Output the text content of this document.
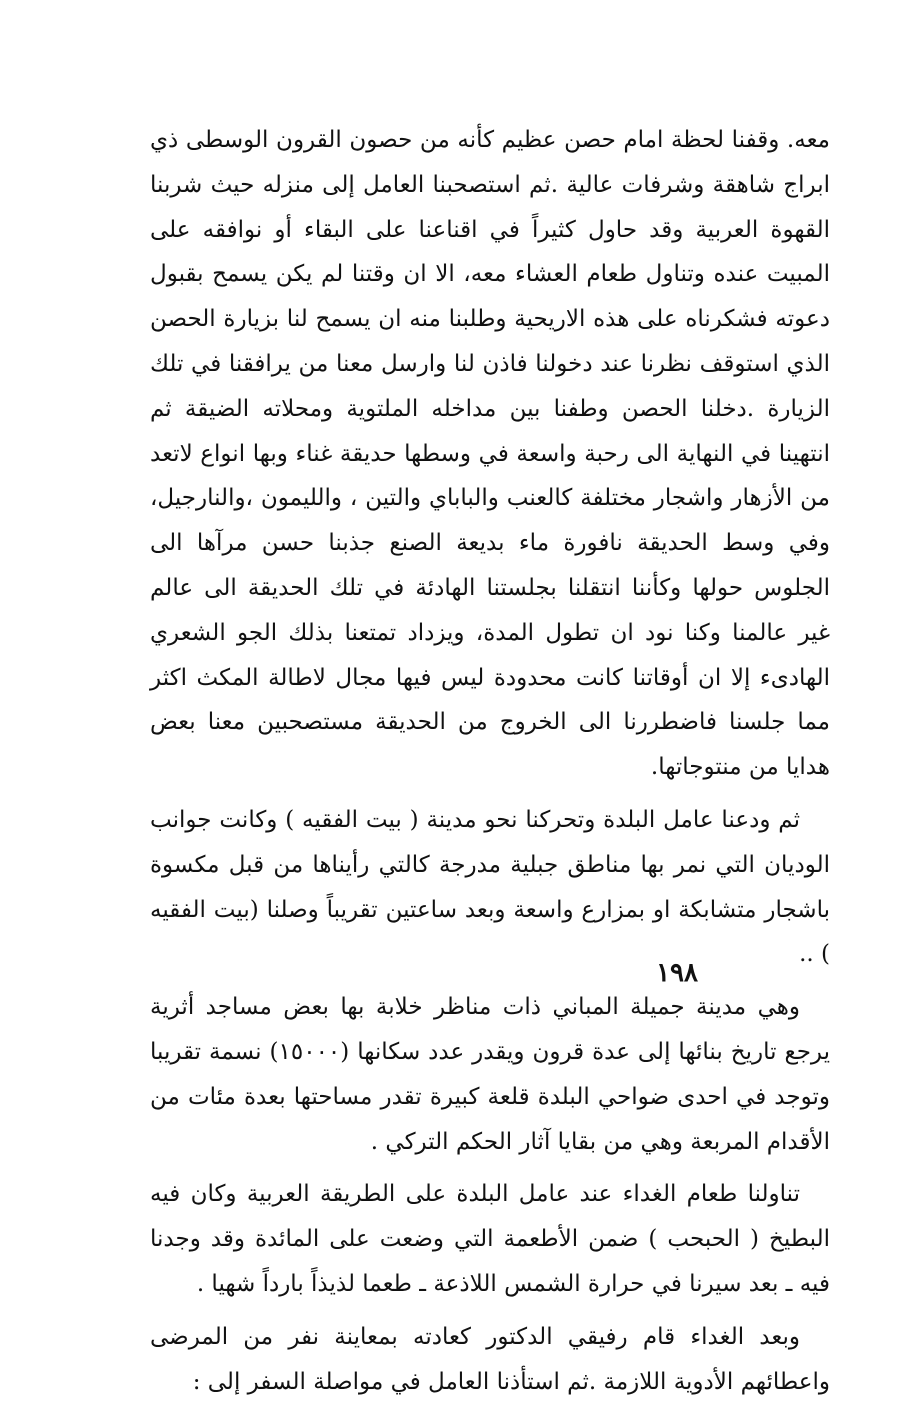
معه. وقفنا لحظة امام حصن عظيم كأنه من حصون القرون الوسطى ذي ابراج شاهقة وشرفات عالية .ثم استصحبنا العامل إلى منزله حيث شربنا القهوة العربية وقد حاول كثيراً في اقناعنا على البقاء أو نوافقه على المبيت عنده وتناول طعام العشاء معه، الا ان وقتنا لم يكن يسمح بقبول دعوته فشكرناه على هذه الاريحية وطلبنا منه ان يسمح لنا بزيارة الحصن الذي استوقف نظرنا عند دخولنا فاذن لنا وارسل معنا من يرافقنا في تلك الزيارة .دخلنا الحصن وطفنا بين مداخله الملتوية ومحلاته الضيقة ثم انتهينا في النهاية الى رحبة واسعة في وسطها حديقة غناء وبها انواع لاتعد من الأزهار واشجار مختلفة كالعنب والباباي والتين ، والليمون ،والنارجيل، وفي وسط الحديقة نافورة ماء بديعة الصنع جذبنا حسن مرآها الى الجلوس حولها وكأننا انتقلنا بجلستنا الهادئة في تلك الحديقة الى عالم غير عالمنا وكنا نود ان تطول المدة، ويزداد تمتعنا بذلك الجو الشعري الهادىء إلا ان أوقاتنا كانت محدودة ليس فيها مجال لاطالة المكث اكثر مما جلسنا فاضطررنا الى الخروج من الحديقة مستصحبين معنا بعض هدايا من منتوجاتها.

ثم ودعنا عامل البلدة وتحركنا نحو مدينة ( بيت الفقيه ) وكانت جوانب الوديان التي نمر بها مناطق جبلية مدرجة كالتي رأيناها من قبل مكسوة باشجار متشابكة او بمزارع واسعة وبعد ساعتين تقريباً وصلنا (بيت الفقيه ) ..

وهي مدينة جميلة المباني ذات مناظر خلابة بها بعض مساجد أثرية يرجع تاريخ بنائها إلى عدة قرون ويقدر عدد سكانها (١٥٠٠٠) نسمة تقريبا وتوجد في احدى ضواحي البلدة قلعة كبيرة تقدر مساحتها بعدة مئات من الأقدام المربعة وهي من بقايا آثار الحكم التركي .

تناولنا طعام الغداء عند عامل البلدة على الطريقة العربية وكان فيه البطيخ ( الحبحب ) ضمن الأطعمة التي وضعت على المائدة وقد وجدنا فيه ـ بعد سيرنا في حرارة الشمس اللاذعة ـ طعما لذيذاً بارداً شهيا .

وبعد الغداء قام رفيقي الدكتور كعادته بمعاينة نفر من المرضى واعطائهم الأدوية اللازمة .ثم استأذنا العامل في مواصلة السفر إلى :

١٩٨
